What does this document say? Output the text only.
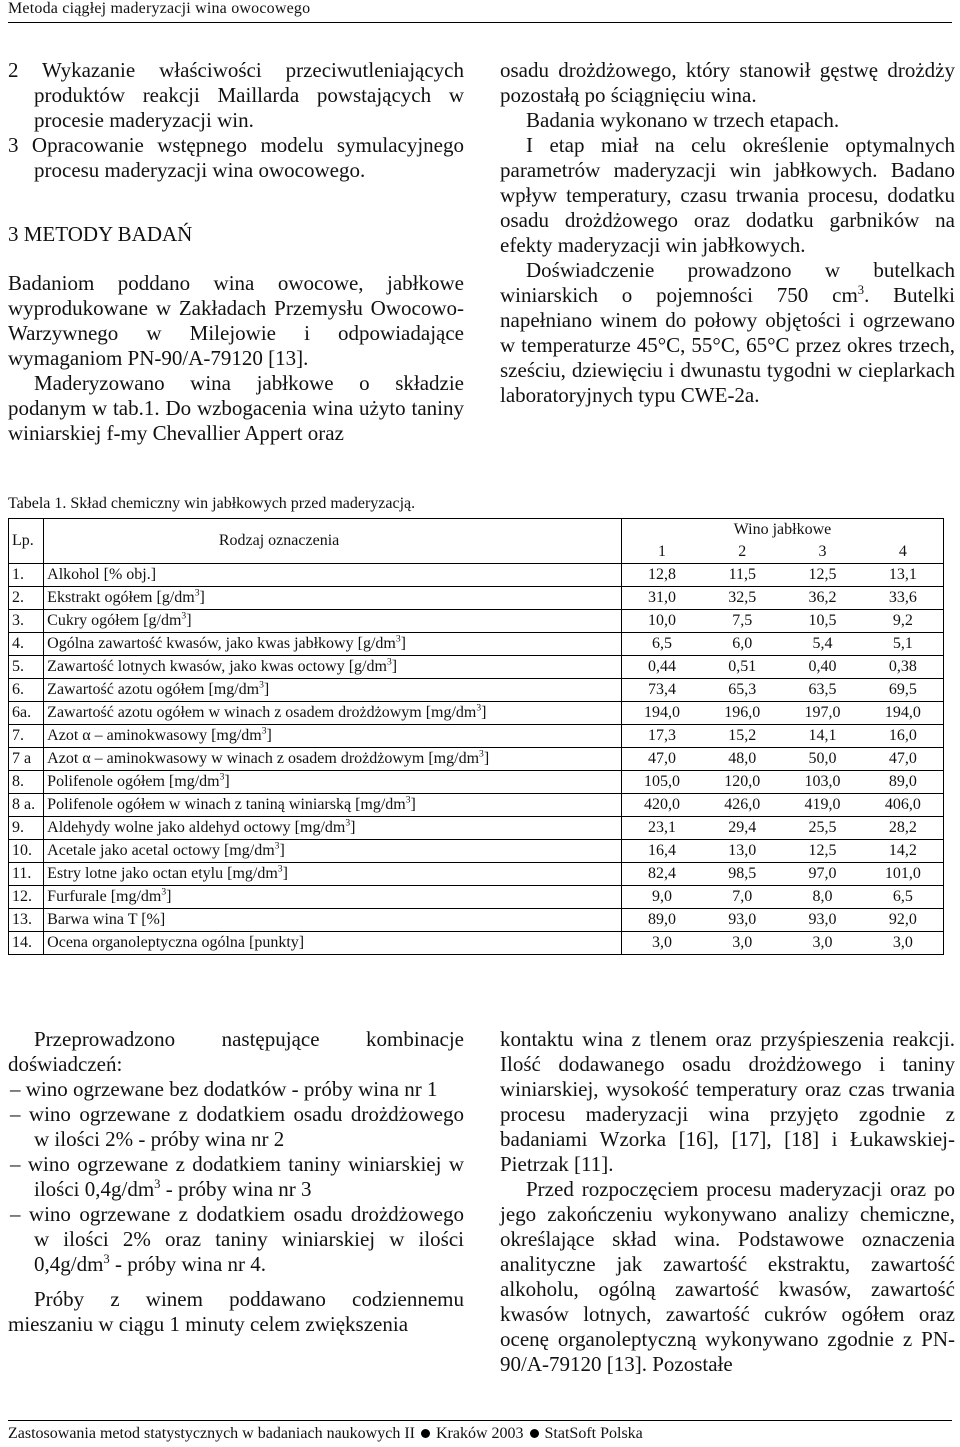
Metoda ciągłej maderyzacji wina owocowego

2 Wykazanie właściwości przeciwutleniających produktów reakcji Maillarda powstających w procesie maderyzacji win.

3 Opracowanie wstępnego modelu symulacyjnego procesu maderyzacji wina owocowego.

3 METODY BADAŃ

Badaniom poddano wina owocowe, jabłkowe wyprodukowane w Zakładach Przemysłu Owocowo-Warzywnego w Milejowie i odpowiadające wymaganiom PN-90/A-79120 [13].

Maderyzowano wina jabłkowe o składzie podanym w tab.1. Do wzbogacenia wina użyto taniny winiarskiej f-my Chevallier Appert oraz

osadu drożdżowego, który stanowił gęstwę drożdży pozostałą po ściągnięciu wina.

Badania wykonano w trzech etapach.

I etap miał na celu określenie optymalnych parametrów maderyzacji win jabłkowych. Badano wpływ temperatury, czasu trwania procesu, dodatku osadu drożdżowego oraz dodatku garbników na efekty maderyzacji win jabłkowych.

Doświadczenie prowadzono w butelkach winiarskich o pojemności 750 $cm^3$. Butelki napełniano winem do połowy objętości i ogrzewano w temperaturze 45°C, 55°C, 65°C przez okres trzech, sześciu, dziewięciu i dwunastu tygodni w cieplarkach laboratoryjnych typu CWE-2a.

Tabela 1. Skład chemiczny win jabłkowych przed maderyzacją.
Lp.	Rodzaj oznaczenia	Wino jabłkowe			
		1	2	3	4
1.	Alkohol [% obj.]	12,8	11,5	12,5	13,1
2.	Ekstrakt ogółem $[g/dm^3]$	31,0	32,5	36,2	33,6
3.	Cukry ogółem $[g/dm^3]$	10,0	7,5	10,5	9,2
4.	Ogólna zawartość kwasów, jako kwas jabłkowy $[g/dm^3]$	6,5	6,0	5,4	5,1
5.	Zawartość lotnych kwasów, jako kwas octowy $[g/dm^3]$	0,44	0,51	0,40	0,38
6.	Zawartość azotu ogółem $[mg/dm^3]$	73,4	65,3	63,5	69,5
6a.	Zawartość azotu ogółem w winach z osadem drożdżowym $[mg/dm^3]$	194,0	196,0	197,0	194,0
7.	Azot α – aminokwasowy $[mg/dm^3]$	17,3	15,2	14,1	16,0
7 a	Azot α – aminokwasowy w winach z osadem drożdżowym $[mg/dm^3]$	47,0	48,0	50,0	47,0
8.	Polifenole ogółem $[mg/dm^3]$	105,0	120,0	103,0	89,0
8 a.	Polifenole ogółem w winach z taniną winiarską $[mg/dm^3]$	420,0	426,0	419,0	406,0
9.	Aldehydy wolne jako aldehyd octowy $[mg/dm^3]$	23,1	29,4	25,5	28,2
10.	Acetale jako acetal octowy $[mg/dm^3]$	16,4	13,0	12,5	14,2
11.	Estry lotne jako octan etylu $[mg/dm^3]$	82,4	98,5	97,0	101,0
12.	Furfurale $[mg/dm^3]$	9,0	7,0	8,0	6,5
13.	Barwa wina T [%]	89,0	93,0	93,0	92,0
14.	Ocena organoleptyczna ogólna [punkty]	3,0	3,0	3,0	3,0

Przeprowadzono następujące kombinacje doświadczeń:

– wino ogrzewane bez dodatków - próby wina nr 1

– wino ogrzewane z dodatkiem osadu drożdżowego w ilości 2% - próby wina nr 2

– wino ogrzewane z dodatkiem taniny winiarskiej w ilości $0,4g/dm^3$ - próby wina nr 3

– wino ogrzewane z dodatkiem osadu drożdżowego w ilości 2% oraz taniny winiarskiej w ilości $0,4g/dm^3$ - próby wina nr 4.

Próby z winem poddawano codziennemu mieszaniu w ciągu 1 minuty celem zwiększenia

kontaktu wina z tlenem oraz przyśpieszenia reakcji. Ilość dodawanego osadu drożdżowego i taniny winiarskiej, wysokość temperatury oraz czas trwania procesu maderyzacji wina przyjęto zgodnie z badaniami Wzorka [16], [17], [18] i Łukawskiej-Pietrzak [11].

Przed rozpoczęciem procesu maderyzacji oraz po jego zakończeniu wykonywano analizy chemiczne, określające skład wina. Podstawowe oznaczenia analityczne jak zawartość ekstraktu, zawartość alkoholu, ogólną zawartość kwasów, zawartość kwasów lotnych, zawartość cukrów ogółem oraz ocenę organoleptyczną wykonywano zgodnie z PN-90/A-79120 [13]. Pozostałe

Zastosowania metod statystycznych w badaniach naukowych II Kraków 2003 StatSoft Polska
